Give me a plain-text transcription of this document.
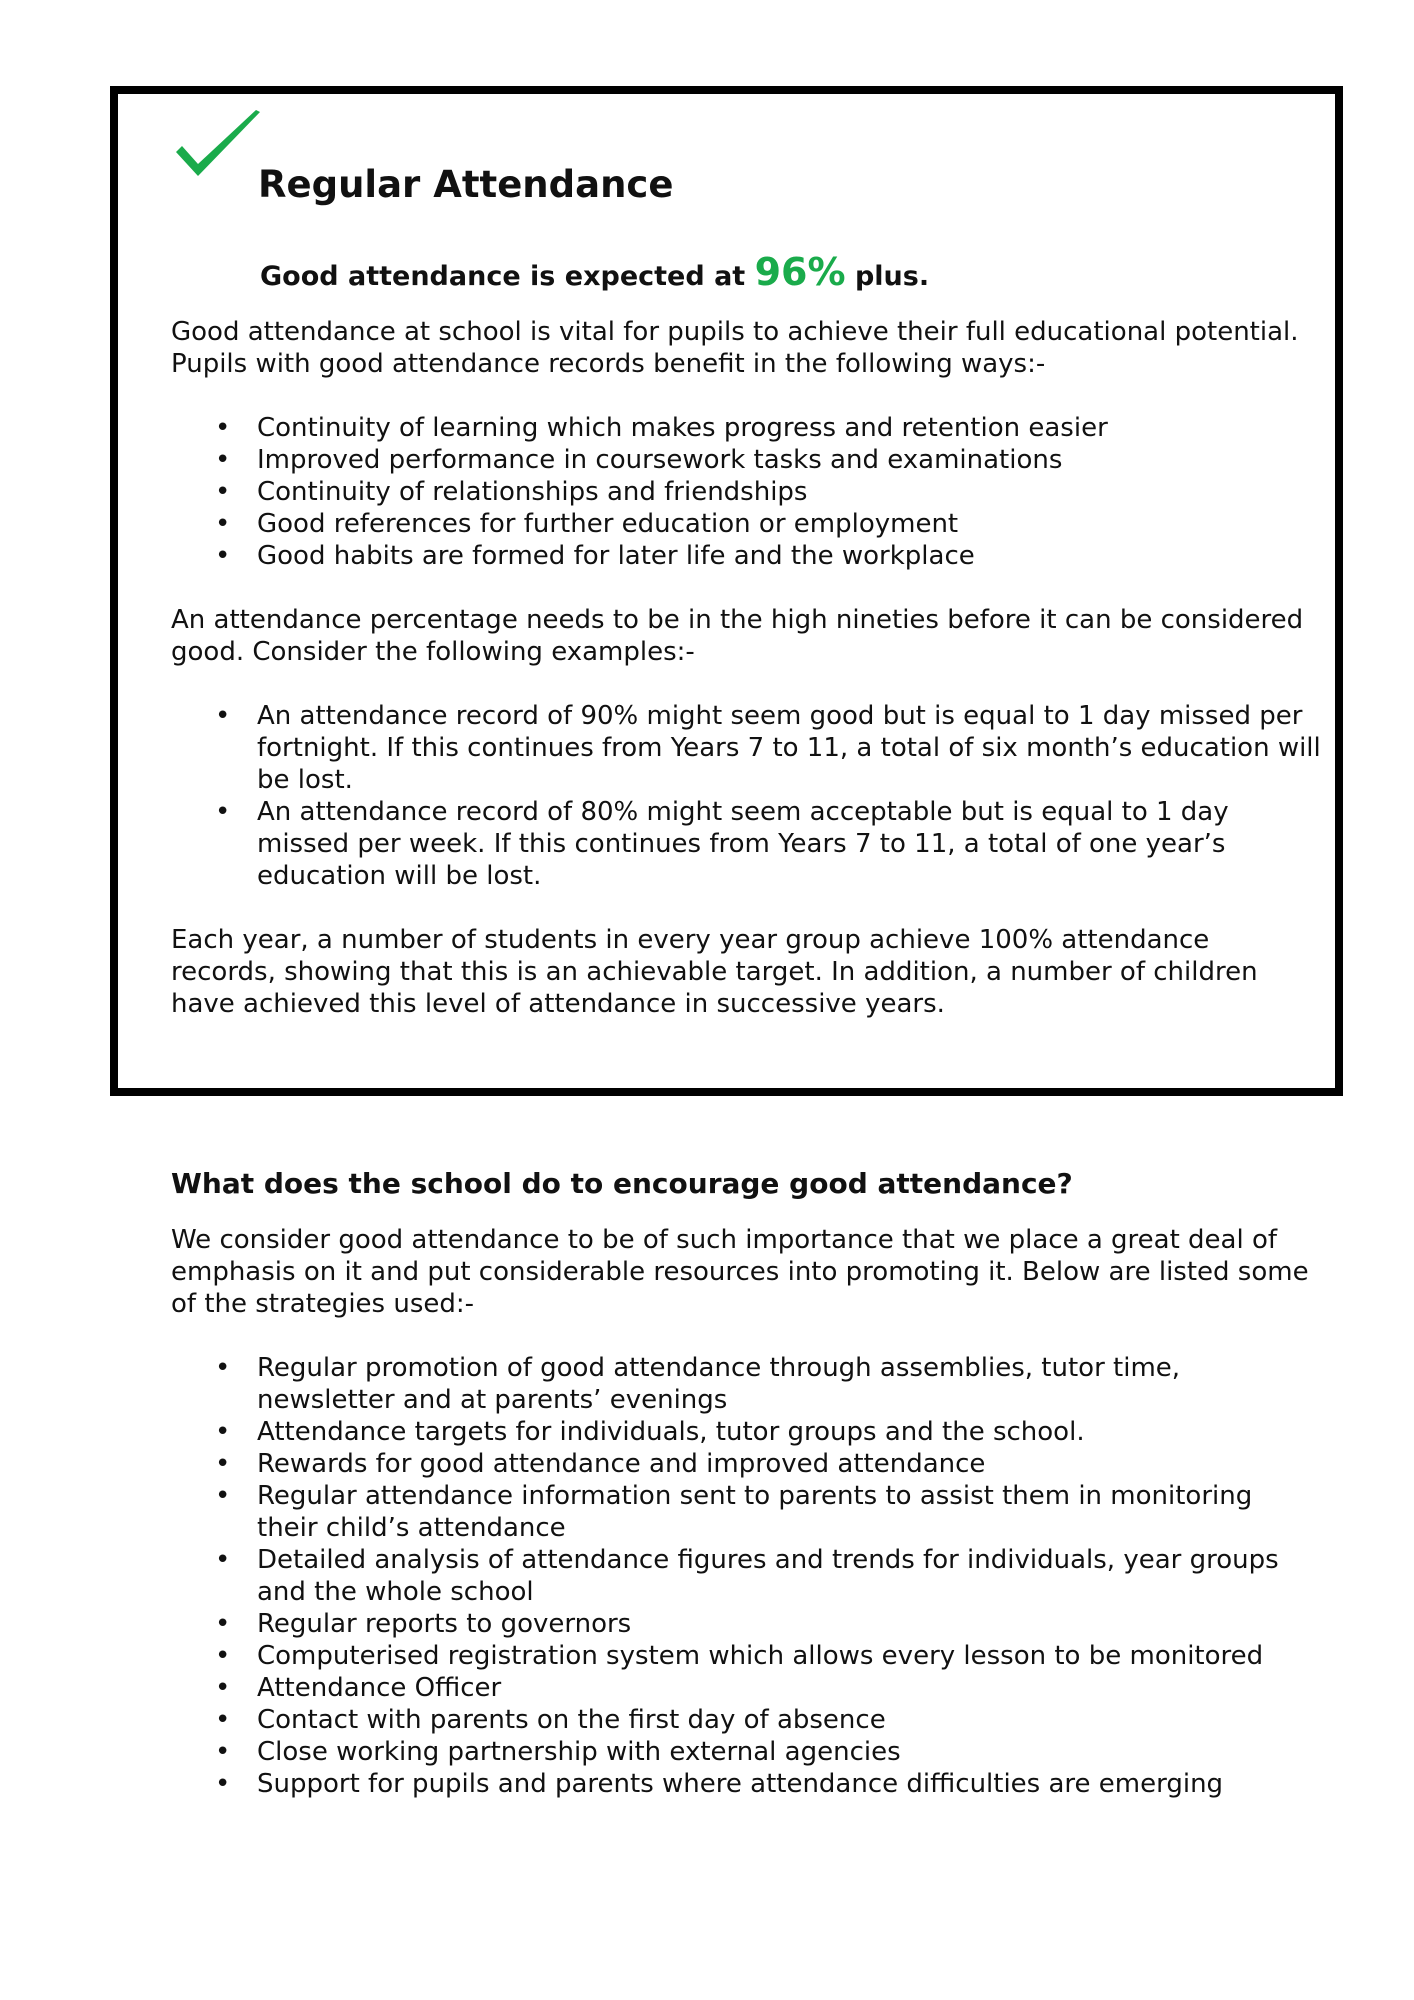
Regular Attendance

Good attendance is expected at 96% plus.

Good attendance at school is vital for pupils to achieve their full educational potential. Pupils with good attendance records benefit in the following ways:-

• Continuity of learning which makes progress and retention easier
• Improved performance in coursework tasks and examinations
• Continuity of relationships and friendships
• Good references for further education or employment
• Good habits are formed for later life and the workplace

An attendance percentage needs to be in the high nineties before it can be considered good. Consider the following examples:-

• An attendance record of 90% might seem good but is equal to 1 day missed per fortnight. If this continues from Years 7 to 11, a total of six month’s education will be lost.
• An attendance record of 80% might seem acceptable but is equal to 1 day missed per week. If this continues from Years 7 to 11, a total of one year’s education will be lost.

Each year, a number of students in every year group achieve 100% attendance records, showing that this is an achievable target. In addition, a number of children have achieved this level of attendance in successive years.

What does the school do to encourage good attendance?

We consider good attendance to be of such importance that we place a great deal of emphasis on it and put considerable resources into promoting it. Below are listed some of the strategies used:-

• Regular promotion of good attendance through assemblies, tutor time, newsletter and at parents’ evenings
• Attendance targets for individuals, tutor groups and the school.
• Rewards for good attendance and improved attendance
• Regular attendance information sent to parents to assist them in monitoring their child’s attendance
• Detailed analysis of attendance figures and trends for individuals, year groups and the whole school
• Regular reports to governors
• Computerised registration system which allows every lesson to be monitored
• Attendance Officer
• Contact with parents on the first day of absence
• Close working partnership with external agencies
• Support for pupils and parents where attendance difficulties are emerging
